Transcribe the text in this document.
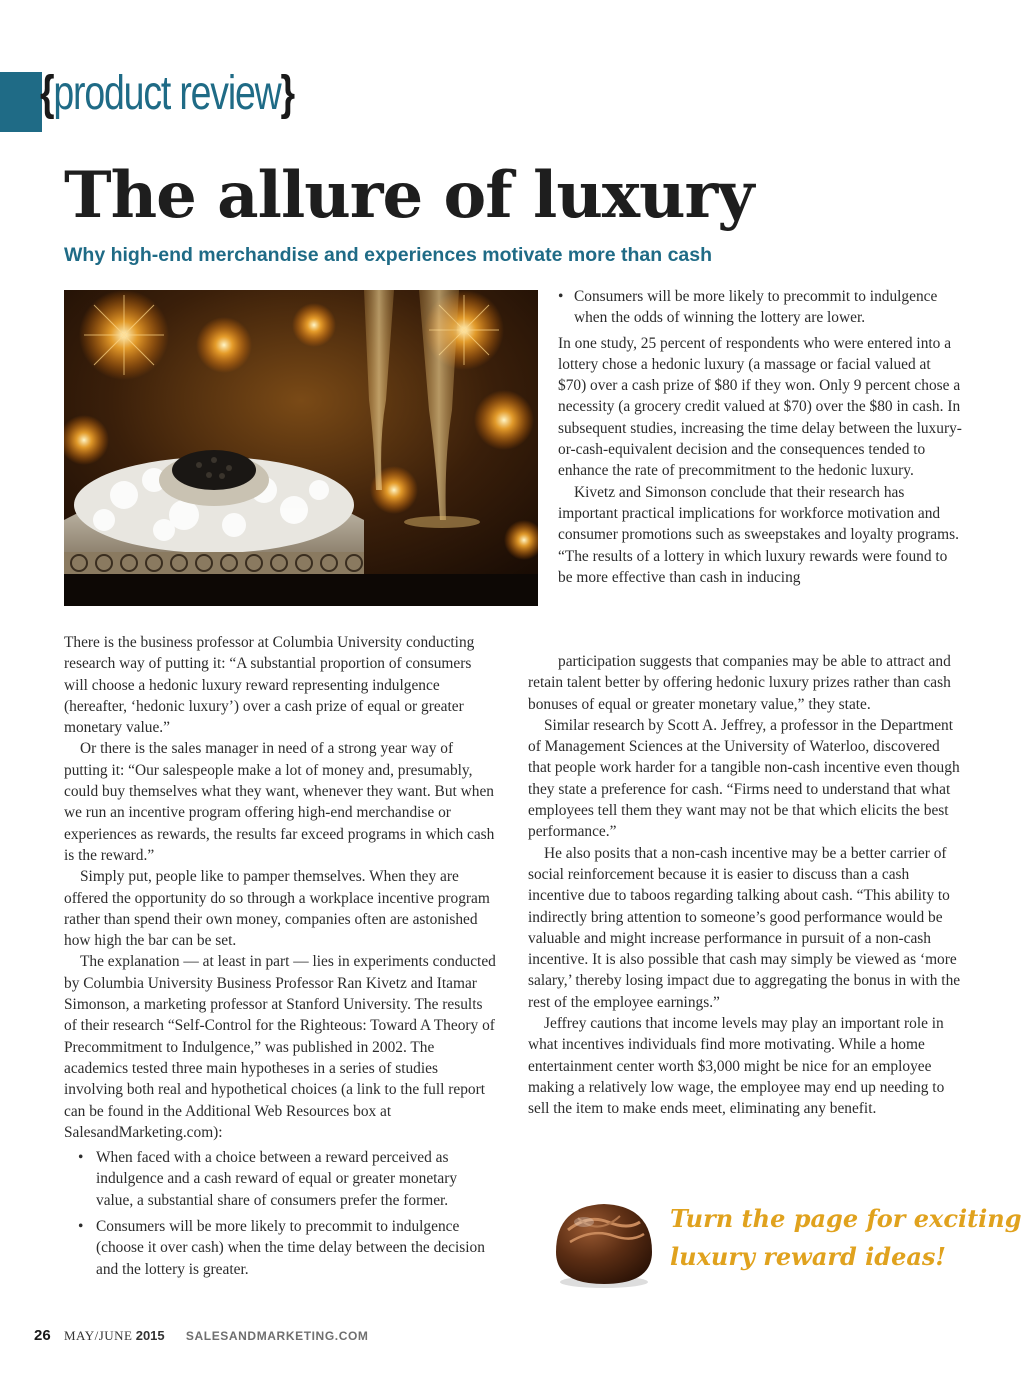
{product review}
The allure of luxury
Why high-end merchandise and experiences motivate more than cash
• Consumers will be more likely to precommit to indulgence when the odds of winning the lottery are lower.

In one study, 25 percent of respondents who were entered into a lottery chose a hedonic luxury (a massage or facial valued at $70) over a cash prize of $80 if they won. Only 9 percent chose a necessity (a grocery credit valued at $70) over the $80 in cash. In subsequent studies, increasing the time delay between the luxury-or-cash-equivalent decision and the consequences tended to enhance the rate of precommitment to the hedonic luxury.

Kivetz and Simonson conclude that their research has important practical implications for workforce motivation and consumer promotions such as sweepstakes and loyalty programs. “The results of a lottery in which luxury rewards were found to be more effective than cash in inducing

There is the business professor at Columbia University conducting research way of putting it: “A substantial proportion of consumers will choose a hedonic luxury reward representing indulgence (hereafter, ‘hedonic luxury’) over a cash prize of equal or greater monetary value.”

Or there is the sales manager in need of a strong year way of putting it: “Our salespeople make a lot of money and, presumably, could buy themselves what they want, whenever they want. But when we run an incentive program offering high-end merchandise or experiences as rewards, the results far exceed programs in which cash is the reward.”

Simply put, people like to pamper themselves. When they are offered the opportunity do so through a workplace incentive program rather than spend their own money, companies often are astonished how high the bar can be set.

The explanation — at least in part — lies in experiments conducted by Columbia University Business Professor Ran Kivetz and Itamar Simonson, a marketing professor at Stanford University. The results of their research “Self-Control for the Righteous: Toward A Theory of Precommitment to Indulgence,” was published in 2002. The academics tested three main hypotheses in a series of studies involving both real and hypothetical choices (a link to the full report can be found in the Additional Web Resources box at SalesandMarketing.com):

• When faced with a choice between a reward perceived as indulgence and a cash reward of equal or greater monetary value, a substantial share of consumers prefer the former.
• Consumers will be more likely to precommit to indulgence (choose it over cash) when the time delay between the decision and the lottery is greater.

participation suggests that companies may be able to attract and retain talent better by offering hedonic luxury prizes rather than cash bonuses of equal or greater monetary value,” they state.

Similar research by Scott A. Jeffrey, a professor in the Department of Management Sciences at the University of Waterloo, discovered that people work harder for a tangible non-cash incentive even though they state a preference for cash. “Firms need to understand that what employees tell them they want may not be that which elicits the best performance.”

He also posits that a non-cash incentive may be a better carrier of social reinforcement because it is easier to discuss than a cash incentive due to taboos regarding talking about cash. “This ability to indirectly bring attention to someone’s good performance would be valuable and might increase performance in pursuit of a non-cash incentive. It is also possible that cash may simply be viewed as ‘more salary,’ thereby losing impact due to aggregating the bonus in with the rest of the employee earnings.”

Jeffrey cautions that income levels may play an important role in what incentives individuals find more motivating. While a home entertainment center worth $3,000 might be nice for an employee making a relatively low wage, the employee may end up needing to sell the item to make ends meet, eliminating any benefit.

Turn the page for exciting
luxury reward ideas!
26 MAY/JUNE 2015 SALESANDMARKETING.COM
